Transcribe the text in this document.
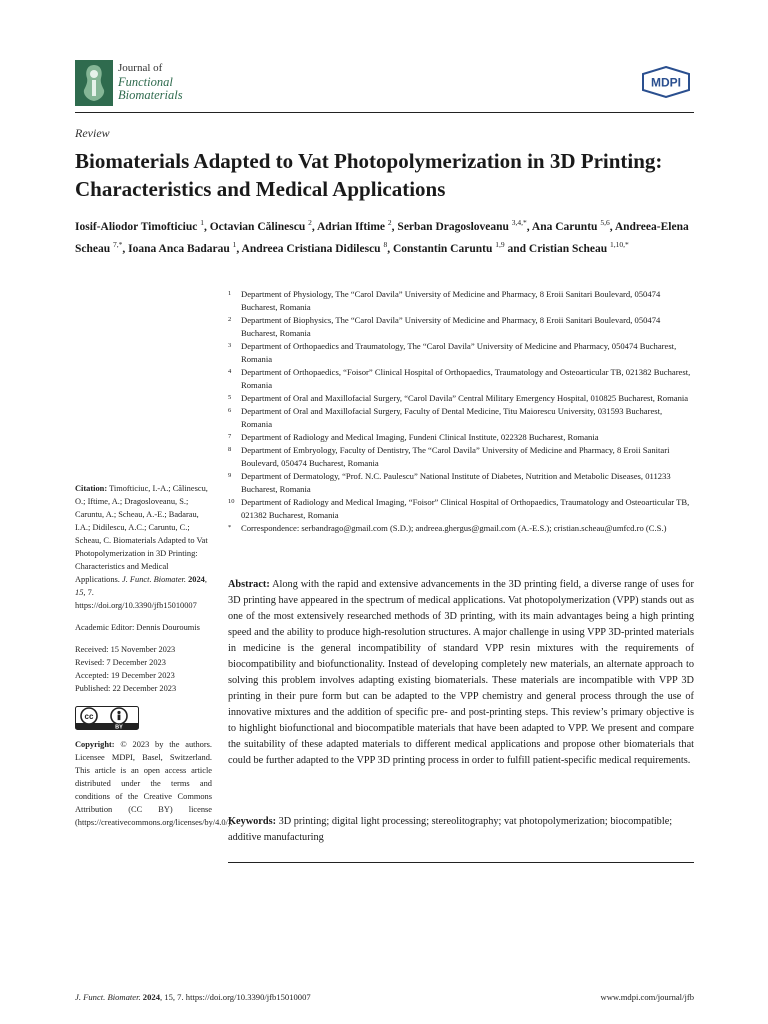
Journal of
Functional
Biomaterials
MDPI
Review
Biomaterials Adapted to Vat Photopolymerization in 3D Printing: Characteristics and Medical Applications
Iosif-Aliodor Timofticiuc $^1$, Octavian Călinescu $^2$, Adrian Iftime $^2$, Serban Dragosloveanu $^{3,4,*}$, Ana Caruntu $^{5,6}$, Andreea-Elena Scheau $^{7,*}$, Ioana Anca Badarau $^1$, Andreea Cristiana Didilescu $^8$, Constantin Caruntu $^{1,9}$ and Cristian Scheau $^{1,10,*}$
1 Department of Physiology, The “Carol Davila” University of Medicine and Pharmacy, 8 Eroii Sanitari Boulevard, 050474 Bucharest, Romania
2 Department of Biophysics, The “Carol Davila” University of Medicine and Pharmacy, 8 Eroii Sanitari Boulevard, 050474 Bucharest, Romania
3 Department of Orthopaedics and Traumatology, The “Carol Davila” University of Medicine and Pharmacy, 050474 Bucharest, Romania
4 Department of Orthopaedics, “Foisor” Clinical Hospital of Orthopaedics, Traumatology and Osteoarticular TB, 021382 Bucharest, Romania
5 Department of Oral and Maxillofacial Surgery, “Carol Davila” Central Military Emergency Hospital, 010825 Bucharest, Romania
6 Department of Oral and Maxillofacial Surgery, Faculty of Dental Medicine, Titu Maiorescu University, 031593 Bucharest, Romania
7 Department of Radiology and Medical Imaging, Fundeni Clinical Institute, 022328 Bucharest, Romania
8 Department of Embryology, Faculty of Dentistry, The “Carol Davila” University of Medicine and Pharmacy, 8 Eroii Sanitari Boulevard, 050474 Bucharest, Romania
9 Department of Dermatology, “Prof. N.C. Paulescu” National Institute of Diabetes, Nutrition and Metabolic Diseases, 011233 Bucharest, Romania
10 Department of Radiology and Medical Imaging, “Foisor” Clinical Hospital of Orthopaedics, Traumatology and Osteoarticular TB, 021382 Bucharest, Romania
* Correspondence: serbandrago@gmail.com (S.D.); andreea.ghergus@gmail.com (A.-E.S.); cristian.scheau@umfcd.ro (C.S.)

Citation: Timofticiuc, I.-A.; Călinescu, O.; Iftime, A.; Dragosloveanu, S.; Caruntu, A.; Scheau, A.-E.; Badarau, I.A.; Didilescu, A.C.; Caruntu, C.; Scheau, C. Biomaterials Adapted to Vat Photopolymerization in 3D Printing: Characteristics and Medical Applications. J. Funct. Biomater. 2024, 15, 7. https://doi.org/10.3390/jfb15010007

Academic Editor: Dennis Douroumis

Received: 15 November 2023

Revised: 7 December 2023

Accepted: 19 December 2023

Published: 22 December 2023

cc
BY

Copyright: © 2023 by the authors. Licensee MDPI, Basel, Switzerland. This article is an open access article distributed under the terms and conditions of the Creative Commons Attribution (CC BY) license (https://creativecommons.org/licenses/by/4.0/).

Abstract: Along with the rapid and extensive advancements in the 3D printing field, a diverse range of uses for 3D printing have appeared in the spectrum of medical applications. Vat photopolymerization (VPP) stands out as one of the most extensively researched methods of 3D printing, with its main advantages being a high printing speed and the ability to produce high-resolution structures. A major challenge in using VPP 3D-printed materials in medicine is the general incompatibility of standard VPP resin mixtures with the requirements of biocompatibility and biofunctionality. Instead of developing completely new materials, an alternate approach to solving this problem involves adapting existing biomaterials. These materials are incompatible with VPP 3D printing in their pure form but can be adapted to the VPP chemistry and general process through the use of innovative mixtures and the addition of specific pre- and post-printing steps. This review’s primary objective is to highlight biofunctional and biocompatible materials that have been adapted to VPP. We present and compare the suitability of these adapted materials to different medical applications and propose other biomaterials that could be further adapted to the VPP 3D printing process in order to fulfill patient-specific medical requirements.
Keywords: 3D printing; digital light processing; stereolitography; vat photopolymerization; biocompatible; additive manufacturing
J. Funct. Biomater. 2024, 15, 7. https://doi.org/10.3390/jfb15010007	www.mdpi.com/journal/jfb
